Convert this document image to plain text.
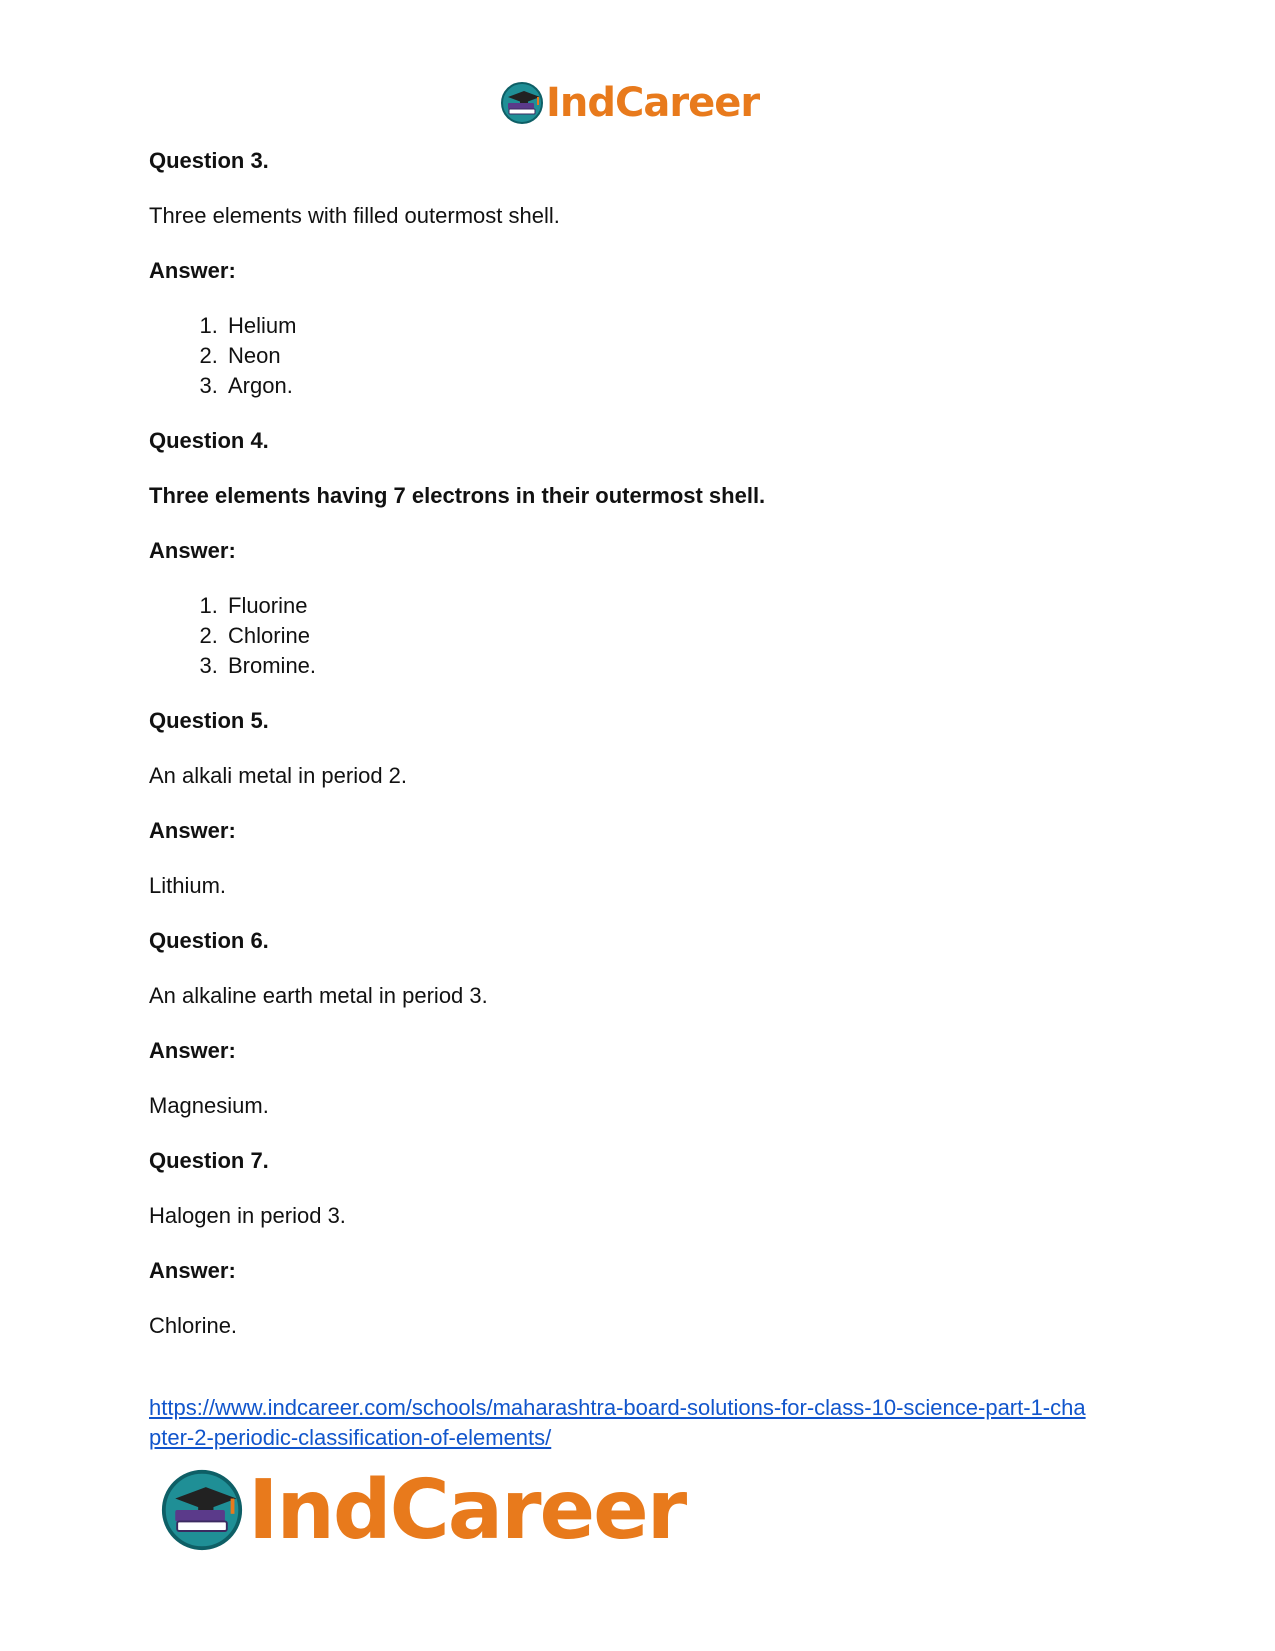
IndCareer
Question 3.
Three elements with filled outermost shell.
Answer:
1. Helium
2. Neon
3. Argon.
Question 4.
Three elements having 7 electrons in their outermost shell.
Answer:
1. Fluorine
2. Chlorine
3. Bromine.
Question 5.
An alkali metal in period 2.
Answer:
Lithium.
Question 6.
An alkaline earth metal in period 3.
Answer:
Magnesium.
Question 7.
Halogen in period 3.
Answer:
Chlorine.
https://www.indcareer.com/schools/maharashtra-board-solutions-for-class-10-science-part-1-cha
pter-2-periodic-classification-of-elements/
IndCareer
